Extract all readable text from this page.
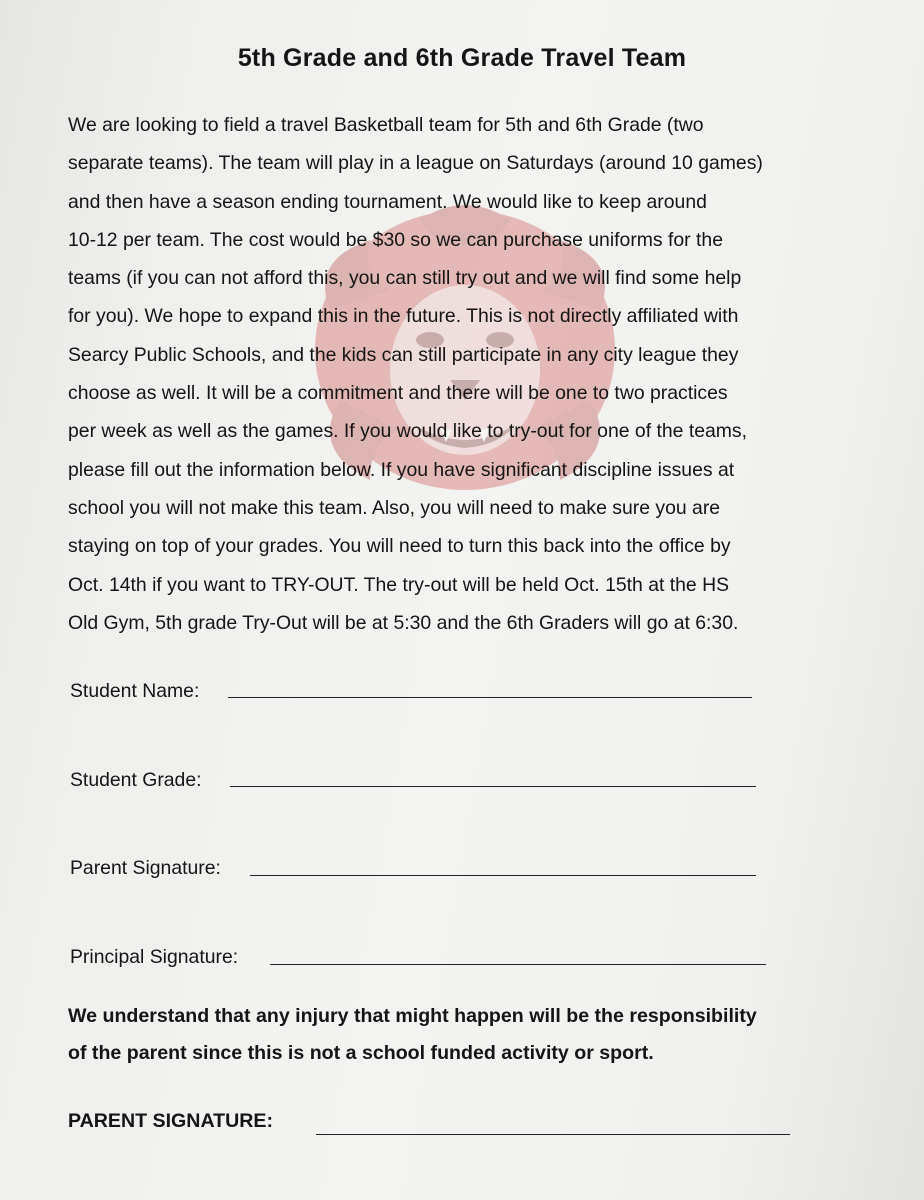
5th Grade and 6th Grade Travel Team
We are looking to field a travel Basketball team for 5th and 6th Grade (two
separate teams). The team will play in a league on Saturdays (around 10 games)
and then have a season ending tournament. We would like to keep around
10-12 per team. The cost would be $30 so we can purchase uniforms for the
teams (if you can not afford this, you can still try out and we will find some help
for you). We hope to expand this in the future. This is not directly affiliated with
Searcy Public Schools, and the kids can still participate in any city league they
choose as well. It will be a commitment and there will be one to two practices
per week as well as the games. If you would like to try-out for one of the teams,
please fill out the information below. If you have significant discipline issues at
school you will not make this team. Also, you will need to make sure you are
staying on top of your grades. You will need to turn this back into the office by
Oct. 14th if you want to TRY-OUT. The try-out will be held Oct. 15th at the HS
Old Gym, 5th grade Try-Out will be at 5:30 and the 6th Graders will go at 6:30.
Student Name:
Student Grade:
Parent Signature:
Principal Signature:
We understand that any injury that might happen will be the responsibility
of the parent since this is not a school funded activity or sport.
PARENT SIGNATURE:
